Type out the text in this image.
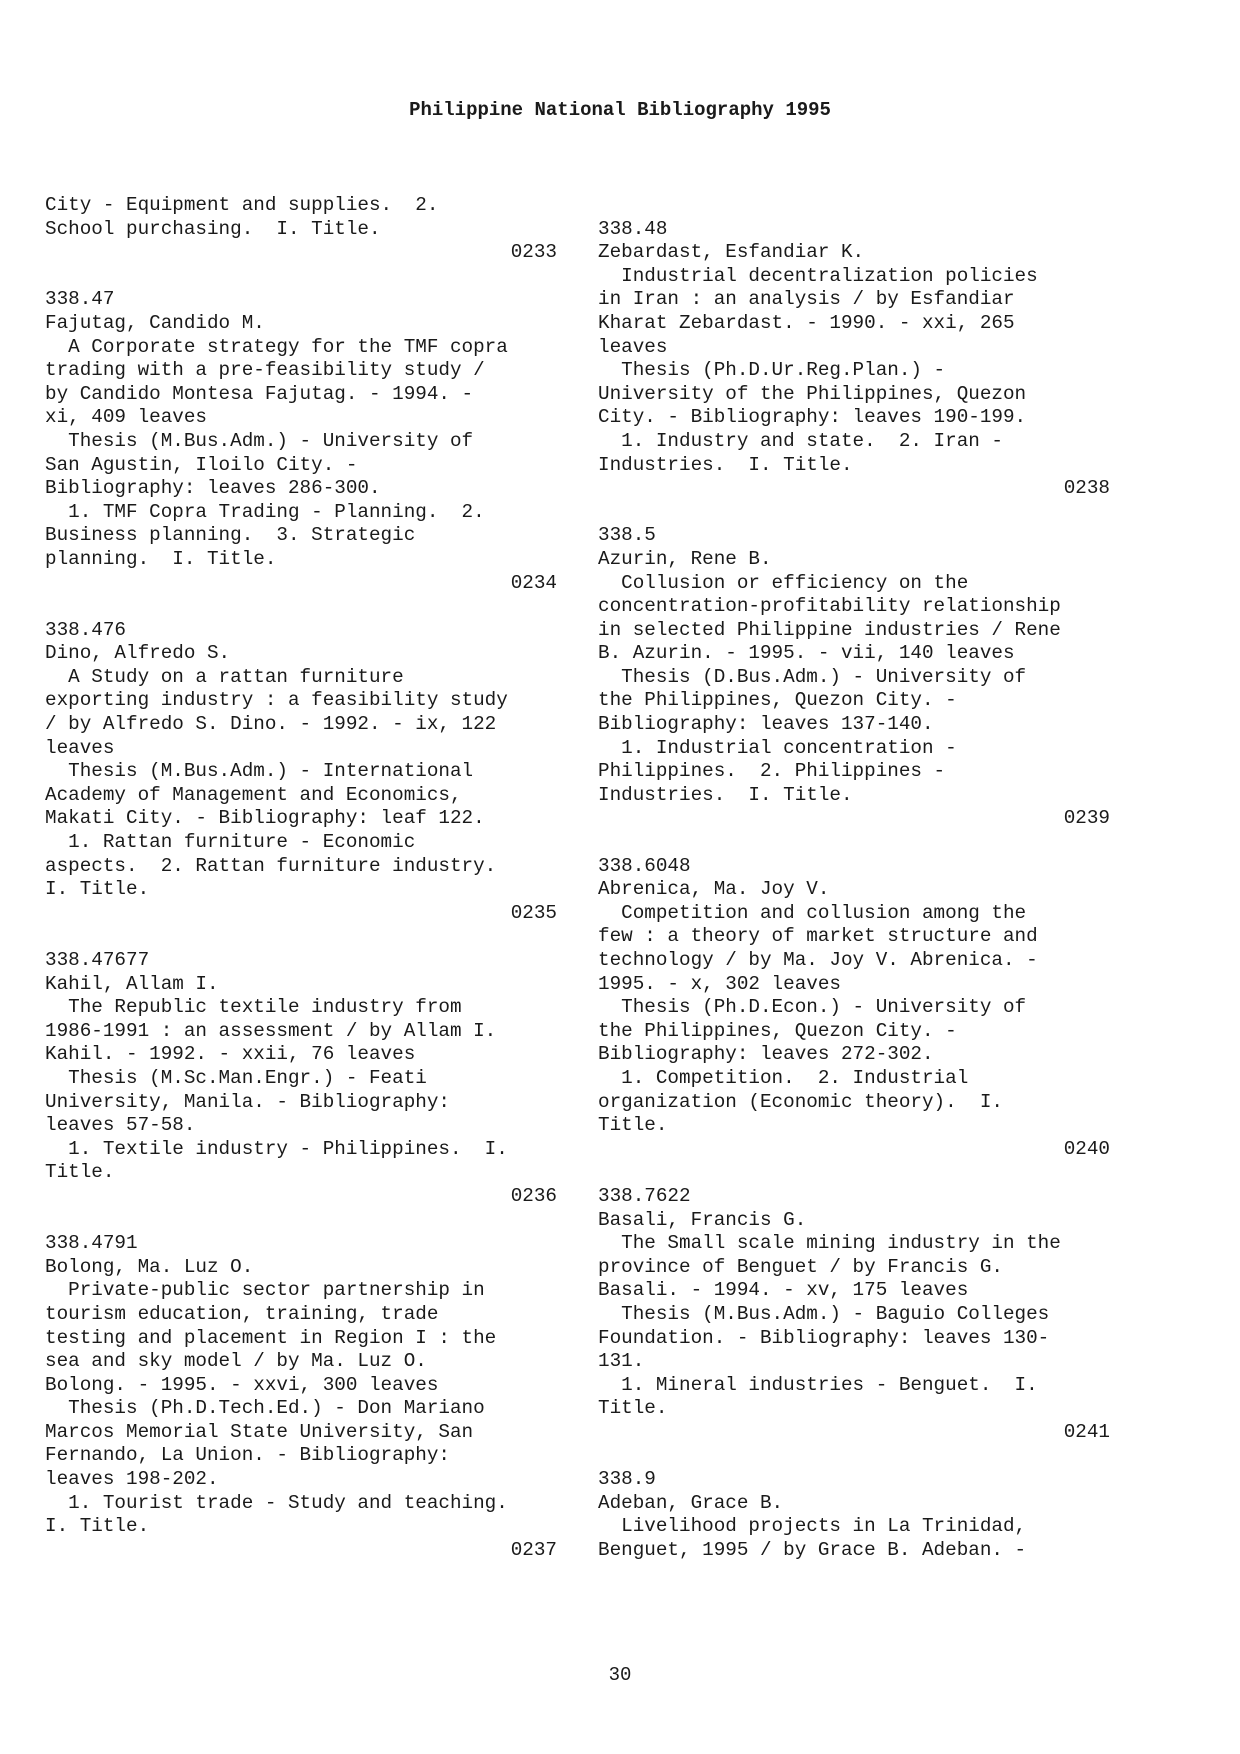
Philippine National Bibliography 1995
City - Equipment and supplies.  2.
School purchasing.  I. Title.
0233
338.47
Fajutag, Candido M.
A Corporate strategy for the TMF copra
trading with a pre-feasibility study /
by Candido Montesa Fajutag. - 1994. -
xi, 409 leaves
Thesis (M.Bus.Adm.) - University of
San Agustin, Iloilo City. -
Bibliography: leaves 286-300.
1. TMF Copra Trading - Planning.  2.
Business planning.  3. Strategic
planning.  I. Title.
0234
338.476
Dino, Alfredo S.
A Study on a rattan furniture
exporting industry : a feasibility study
/ by Alfredo S. Dino. - 1992. - ix, 122
leaves
Thesis (M.Bus.Adm.) - International
Academy of Management and Economics,
Makati City. - Bibliography: leaf 122.
1. Rattan furniture - Economic
aspects.  2. Rattan furniture industry.
I. Title.
0235
338.47677
Kahil, Allam I.
The Republic textile industry from
1986-1991 : an assessment / by Allam I.
Kahil. - 1992. - xxii, 76 leaves
Thesis (M.Sc.Man.Engr.) - Feati
University, Manila. - Bibliography:
leaves 57-58.
1. Textile industry - Philippines.  I.
Title.
0236
338.4791
Bolong, Ma. Luz O.
Private-public sector partnership in
tourism education, training, trade
testing and placement in Region I : the
sea and sky model / by Ma. Luz O.
Bolong. - 1995. - xxvi, 300 leaves
Thesis (Ph.D.Tech.Ed.) - Don Mariano
Marcos Memorial State University, San
Fernando, La Union. - Bibliography:
leaves 198-202.
1. Tourist trade - Study and teaching.
I. Title.
0237
338.48
Zebardast, Esfandiar K.
Industrial decentralization policies
in Iran : an analysis / by Esfandiar
Kharat Zebardast. - 1990. - xxi, 265
leaves
Thesis (Ph.D.Ur.Reg.Plan.) -
University of the Philippines, Quezon
City. - Bibliography: leaves 190-199.
1. Industry and state.  2. Iran -
Industries.  I. Title.
0238
338.5
Azurin, Rene B.
Collusion or efficiency on the
concentration-profitability relationship
in selected Philippine industries / Rene
B. Azurin. - 1995. - vii, 140 leaves
Thesis (D.Bus.Adm.) - University of
the Philippines, Quezon City. -
Bibliography: leaves 137-140.
1. Industrial concentration -
Philippines.  2. Philippines -
Industries.  I. Title.
0239
338.6048
Abrenica, Ma. Joy V.
Competition and collusion among the
few : a theory of market structure and
technology / by Ma. Joy V. Abrenica. -
1995. - x, 302 leaves
Thesis (Ph.D.Econ.) - University of
the Philippines, Quezon City. -
Bibliography: leaves 272-302.
1. Competition.  2. Industrial
organization (Economic theory).  I.
Title.
0240
338.7622
Basali, Francis G.
The Small scale mining industry in the
province of Benguet / by Francis G.
Basali. - 1994. - xv, 175 leaves
Thesis (M.Bus.Adm.) - Baguio Colleges
Foundation. - Bibliography: leaves 130-
131.
1. Mineral industries - Benguet.  I.
Title.
0241
338.9
Adeban, Grace B.
Livelihood projects in La Trinidad,
Benguet, 1995 / by Grace B. Adeban. -
30
